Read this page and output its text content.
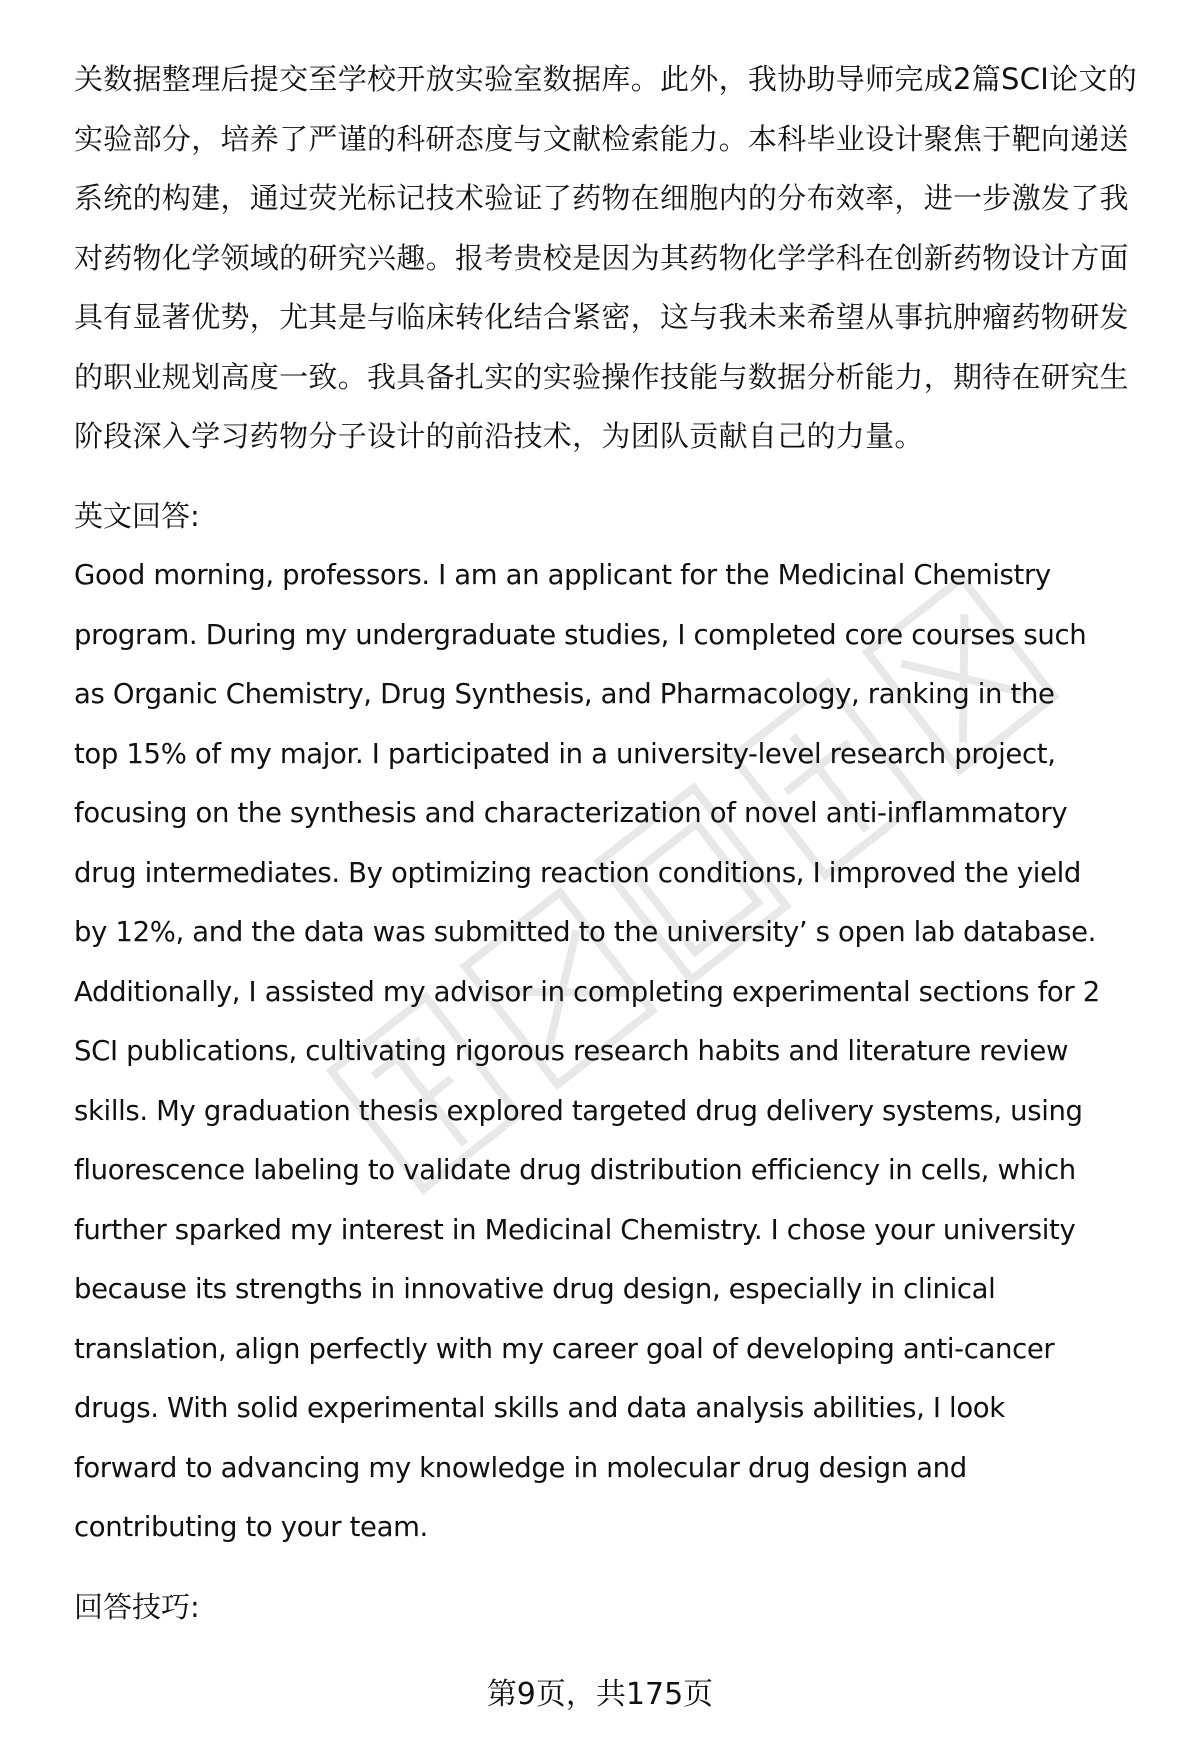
关数据整理后提交至学校开放实验室数据库。此外，我协助导师完成2篇SCI论文的
实验部分，培养了严谨的科研态度与文献检索能力。本科毕业设计聚焦于靶向递送
系统的构建，通过荧光标记技术验证了药物在细胞内的分布效率，进一步激发了我
对药物化学领域的研究兴趣。报考贵校是因为其药物化学学科在创新药物设计方面
具有显著优势，尤其是与临床转化结合紧密，这与我未来希望从事抗肿瘤药物研发
的职业规划高度一致。我具备扎实的实验操作技能与数据分析能力，期待在研究生
阶段深入学习药物分子设计的前沿技术，为团队贡献自己的力量。
英文回答:
Good morning, professors. I am an applicant for the Medicinal Chemistry
program. During my undergraduate studies, I completed core courses such
as Organic Chemistry, Drug Synthesis, and Pharmacology, ranking in the
top 15% of my major. I participated in a university-level research project,
focusing on the synthesis and characterization of novel anti-inflammatory
drug intermediates. By optimizing reaction conditions, I improved the yield
by 12%, and the data was submitted to the university’ s open lab database.
Additionally, I assisted my advisor in completing experimental sections for 2
SCI publications, cultivating rigorous research habits and literature review
skills. My graduation thesis explored targeted drug delivery systems, using
fluorescence labeling to validate drug distribution efficiency in cells, which
further sparked my interest in Medicinal Chemistry. I chose your university
because its strengths in innovative drug design, especially in clinical
translation, align perfectly with my career goal of developing anti-cancer
drugs. With solid experimental skills and data analysis abilities, I look
forward to advancing my knowledge in molecular drug design and
contributing to your team.
回答技巧:
第9页，共175页
